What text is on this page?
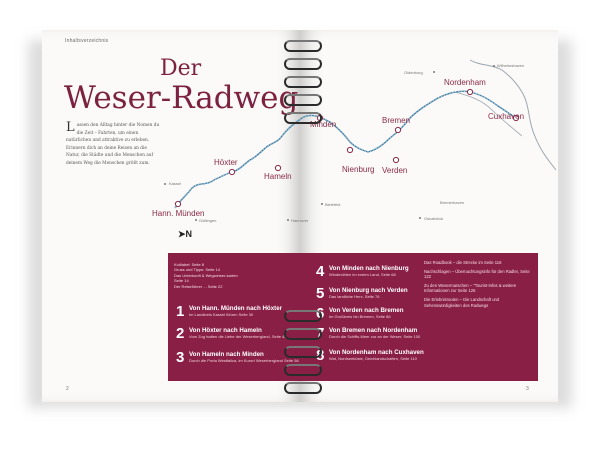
Inhaltsverzeichnis
Der
Weser-Radweg
L assen den Alltag hinter die Nomen du die Zeit – Fahrten, um einen natürlichen und attraktive zu erleben. Erinnern dich an deine Reisen an die Natur, die Städte und die Menschen auf deinem Weg die Menschen größt zum.
Hann. Münden
Höxter
Hameln
Minden
Nienburg Verden
Bremen
Nordenham
Cuxhaven
Kassel
Göttingen	Hannover
Oldenburg
Bremerhaven
Wilhelmshaven
Osnabrück
Bielefeld
➤N
Kultlabel: Seite 8
Gruss und Tipps: Seite 14
Das Unterkunft & Wegweiser-karten
Seite 14
Der Reiseführer ... Seite 22
1 Von Hann. Münden nach Höxter
Im Landkreis Kassel führen Seite 30
2 Von Höxter nach Hameln
Vom Zug hatten die Liebe der Weserbergland, Seite 42
3 Von Hameln nach Minden
Durch die Porta Westfalica, im Kurort Weserbergland Seite 56
4 Von Minden nach Nienburg
Windmühlen im ersten Land, Seite 68
5 Von Nienburg nach Verden
Das landliche Herz, Seite 76
6 Von Verden nach Bremen
Im Großkreis hin Bremen, Seite 86
7 Von Bremen nach Nordenham
Durch die Schiffs-Meer zur an der Weser, Seite 100
8 Von Nordenham nach Cuxhaven
Wat, Nordseeküste, Deichlandschaften, Seite 110

Das Roadbook – die Strecke im Seite 116

Nachschlagen – Übernachtungsinfo für den Radler, Seite 122

Zu den Wesermarschen – "Tourist-Infos & weitere Informationen zur Seite 126

Die Erlebnisrouten – Die Landschaft und Sehenswürdigkeiten des Radwegs

2	3
